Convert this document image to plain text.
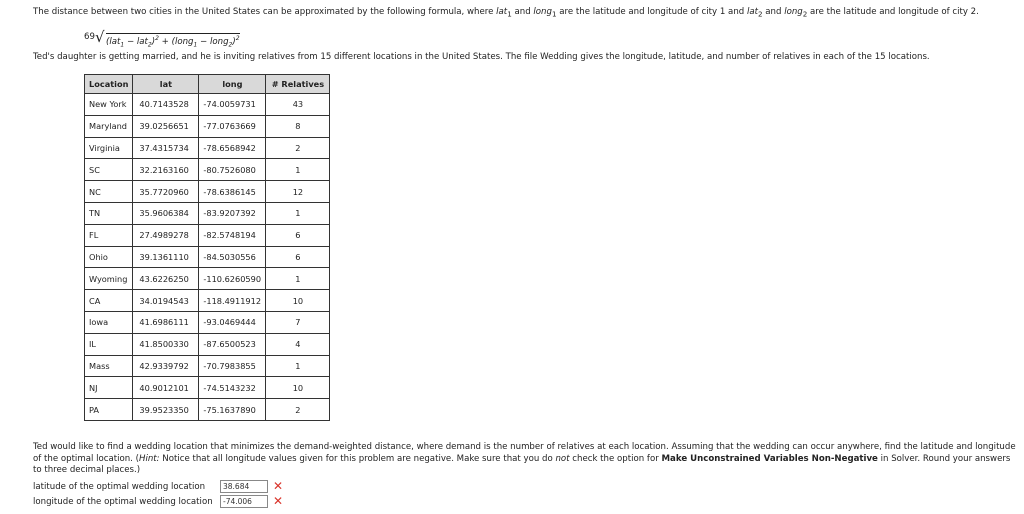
The distance between two cities in the United States can be approximated by the following formula, where lat$_1$ and long$_1$ are the latitude and longitude of city 1 and lat$_2$ and long$_2$ are the latitude and longitude of city 2.
69 √ $(lat_1 - lat_2)^2$ + (long$_1$ − long$_2$)$^2$
Ted's daughter is getting married, and he is inviting relatives from 15 different locations in the United States. The file Wedding gives the longitude, latitude, and number of relatives in each of the 15 locations.
Location	lat	long	# Relatives
New York	40.7143528	-74.0059731	43
Maryland	39.0256651	-77.0763669	8
Virginia	37.4315734	-78.6568942	2
SC	32.2163160	-80.7526080	1
NC	35.7720960	-78.6386145	12
TN	35.9606384	-83.9207392	1
FL	27.4989278	-82.5748194	6
Ohio	39.1361110	-84.5030556	6
Wyoming	43.6226250	-110.6260590	1
CA	34.0194543	-118.4911912	10
Iowa	41.6986111	-93.0469444	7
IL	41.8500330	-87.6500523	4
Mass	42.9339792	-70.7983855	1
NJ	40.9012101	-74.5143232	10
PA	39.9523350	-75.1637890	2
Ted would like to find a wedding location that minimizes the demand-weighted distance, where demand is the number of relatives at each location. Assuming that the wedding can occur anywhere, find the latitude and longitude of the optimal location. (Hint: Notice that all longitude values given for this problem are negative. Make sure that you do not check the option for Make Unconstrained Variables Non-Negative in Solver. Round your answers to three decimal places.)
latitude of the optimal wedding location
38.684	✕
longitude of the optimal wedding location
-74.006	✕
